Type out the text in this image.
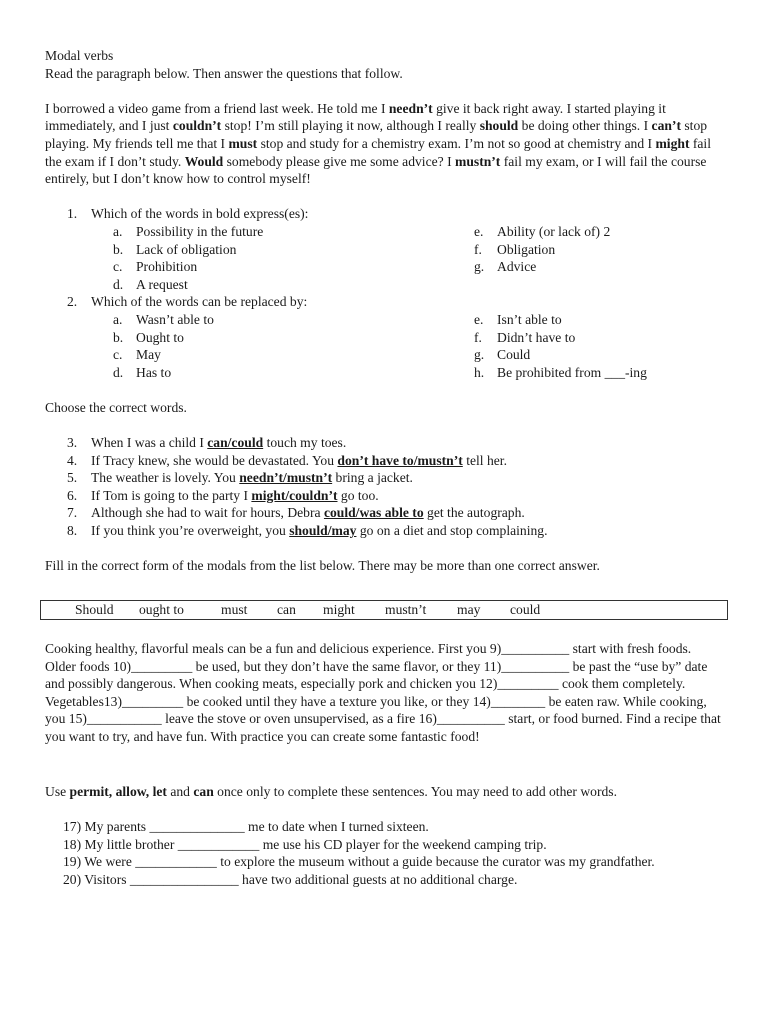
Modal verbs

Read the paragraph below. Then answer the questions that follow.

I borrowed a video game from a friend last week. He told me I needn’t give it back right away. I started playing it immediately, and I just couldn’t stop! I’m still playing it now, although I really should be doing other things. I can’t stop playing. My friends tell me that I must stop and study for a chemistry exam. I’m not so good at chemistry and I might fail the exam if I don’t study. Would somebody please give me some advice? I mustn’t fail my exam, or I will fail the course entirely, but I don’t know how to control myself!

1. Which of the words in bold express(es):
a. Possibility in the future
b. Lack of obligation
c. Prohibition
d. A request
e. Ability (or lack of) 2
f. Obligation
g. Advice
2. Which of the words can be replaced by:
a. Wasn’t able to
b. Ought to
c. May
d. Has to
e. Isn’t able to
f. Didn’t have to
g. Could
h. Be prohibited from ___-ing

Choose the correct words.

3. When I was a child I can/could touch my toes.
4. If Tracy knew, she would be devastated. You don’t have to/mustn’t tell her.
5. The weather is lovely. You needn’t/mustn’t bring a jacket.
6. If Tom is going to the party I might/couldn’t go too.
7. Although she had to wait for hours, Debra could/was able to get the autograph.
8. If you think you’re overweight, you should/may go on a diet and stop complaining.

Fill in the correct form of the modals from the list below. There may be more than one correct answer.

Should ought to	must can might mustn’t may could

Cooking healthy, flavorful meals can be a fun and delicious experience. First you 9)__________ start with fresh foods. Older foods 10)_________ be used, but they don’t have the same flavor, or they 11)__________ be past the “use by” date and possibly dangerous. When cooking meats, especially pork and chicken you 12)_________ cook them completely. Vegetables13)_________ be cooked until they have a texture you like, or they 14)________ be eaten raw. While cooking, you 15)___________ leave the stove or oven unsupervised, as a fire 16)__________ start, or food burned. Find a recipe that you want to try, and have fun. With practice you can create some fantastic food!

Use permit, allow, let and can once only to complete these sentences. You may need to add other words.

17) My parents ______________ me to date when I turned sixteen.
18) My little brother ____________ me use his CD player for the weekend camping trip.
19) We were ____________ to explore the museum without a guide because the curator was my grandfather.
20) Visitors ________________ have two additional guests at no additional charge.
